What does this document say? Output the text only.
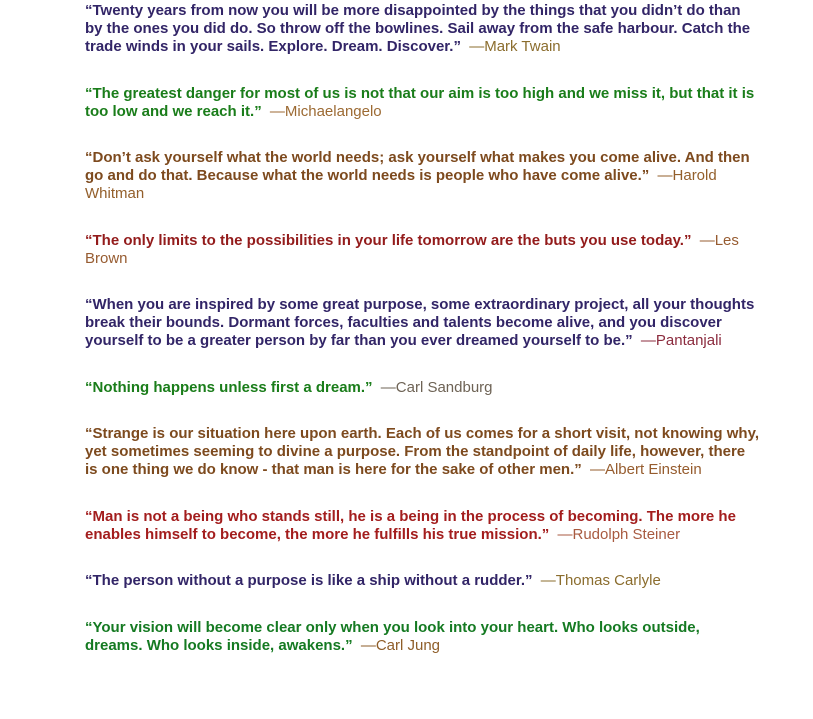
“Twenty years from now you will be more disappointed by the things that you didn’t do than by the ones you did do. So throw off the bowlines. Sail away from the safe harbour. Catch the trade winds in your sails. Explore. Dream. Discover.” —Mark Twain

“The greatest danger for most of us is not that our aim is too high and we miss it, but that it is too low and we reach it.” —Michaelangelo

“Don’t ask yourself what the world needs; ask yourself what makes you come alive. And then go and do that. Because what the world needs is people who have come alive.” —Harold Whitman

“The only limits to the possibilities in your life tomorrow are the buts you use today.” —Les Brown

“When you are inspired by some great purpose, some extraordinary project, all your thoughts break their bounds. Dormant forces, faculties and talents become alive, and you discover yourself to be a greater person by far than you ever dreamed yourself to be.” —Pantanjali

“Nothing happens unless first a dream.” —Carl Sandburg

“Strange is our situation here upon earth. Each of us comes for a short visit, not knowing why, yet sometimes seeming to divine a purpose. From the standpoint of daily life, however, there is one thing we do know - that man is here for the sake of other men.” —Albert Einstein

“Man is not a being who stands still, he is a being in the process of becoming. The more he enables himself to become, the more he fulfills his true mission.” —Rudolph Steiner

“The person without a purpose is like a ship without a rudder.” —Thomas Carlyle

“Your vision will become clear only when you look into your heart. Who looks outside, dreams. Who looks inside, awakens.” —Carl Jung
